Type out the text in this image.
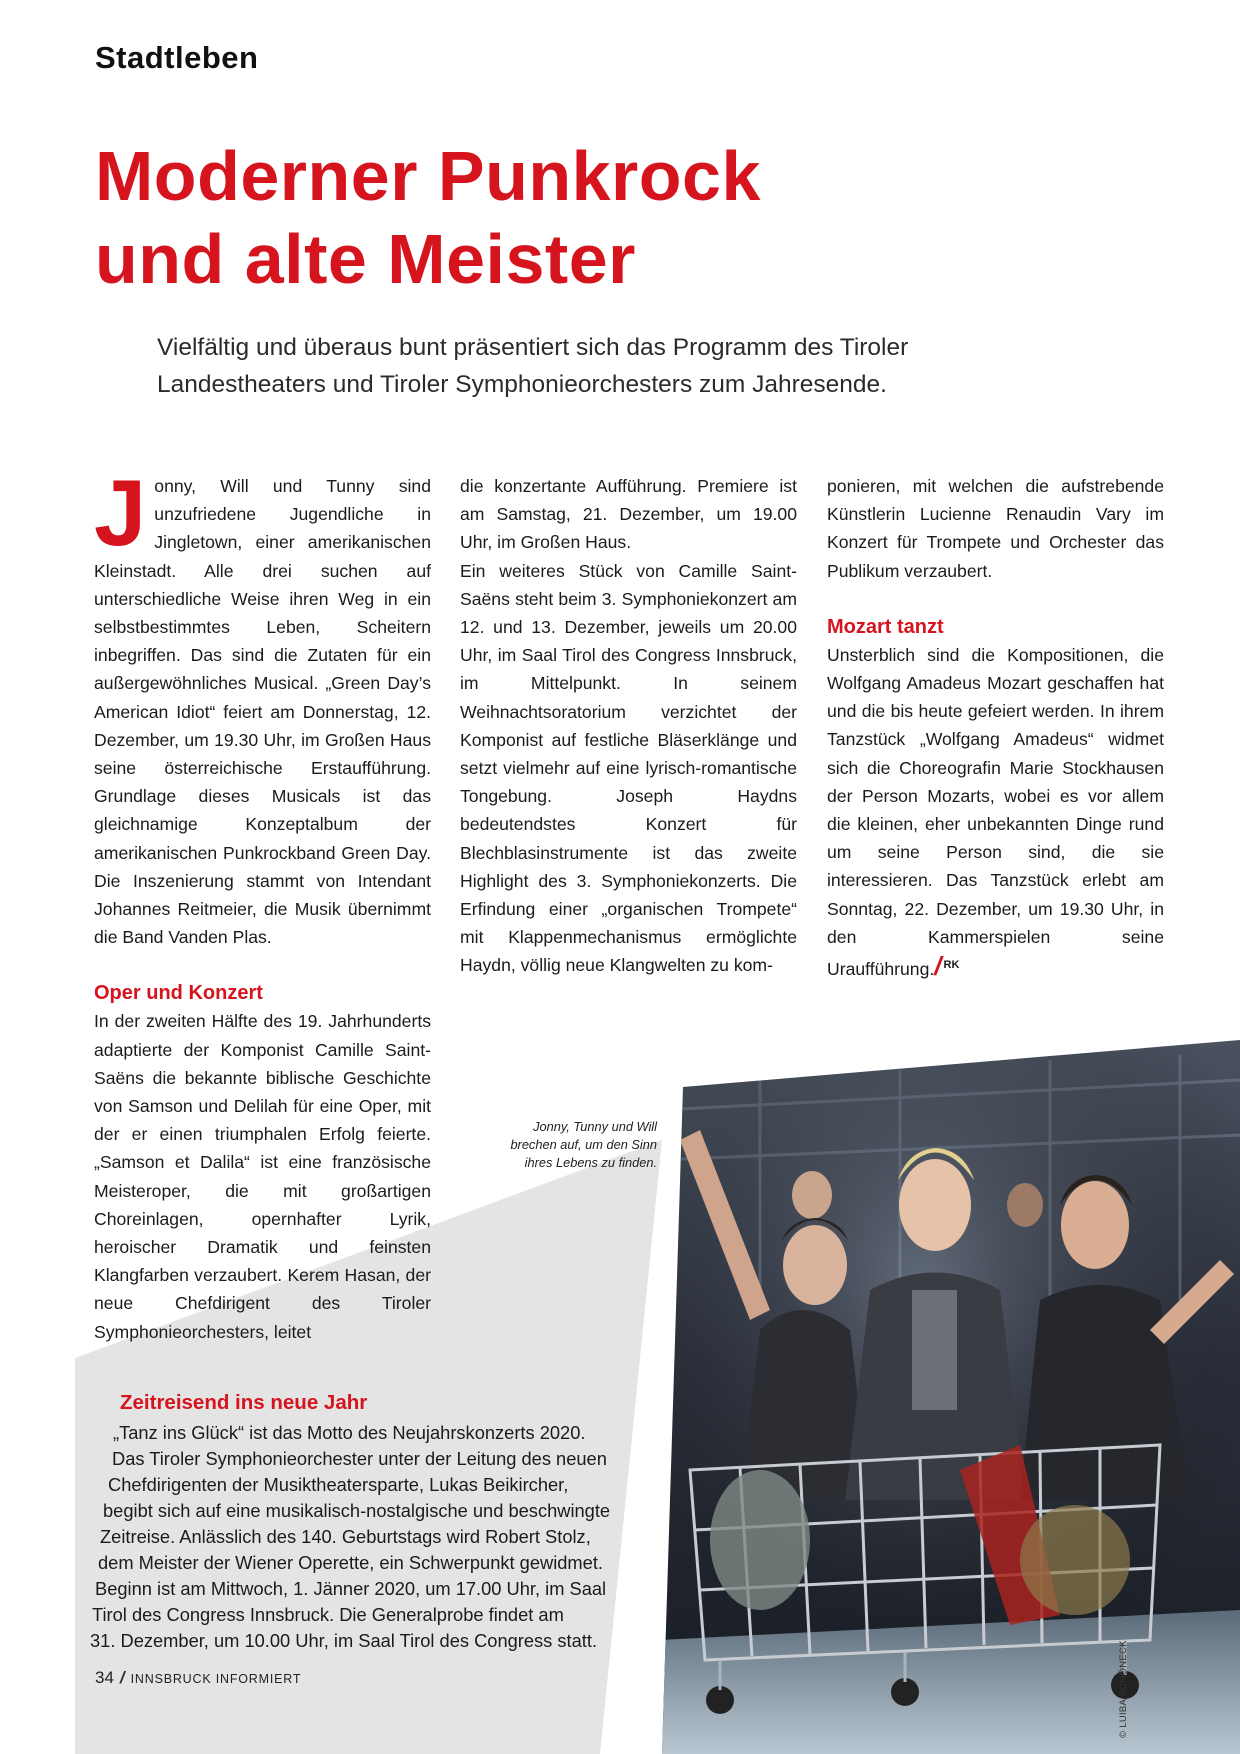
Stadtleben
Moderner Punkrock
und alte Meister

Vielfältig und überaus bunt präsentiert sich das Programm des Tiroler Landestheaters und Tiroler Symphonieorchesters zum Jahresende.

Jonny, Will und Tunny sind unzufriedene Jugendliche in Jingletown, einer amerikanischen Kleinstadt. Alle drei suchen auf unterschiedliche Weise ihren Weg in ein selbstbestimmtes Leben, Scheitern inbegriffen. Das sind die Zutaten für ein außergewöhnliches Musical. „Green Day’s American Idiot“ feiert am Donnerstag, 12. Dezember, um 19.30 Uhr, im Großen Haus seine österreichische Erstaufführung. Grundlage dieses Musicals ist das gleichnamige Konzeptalbum der amerikanischen Punkrockband Green Day. Die Inszenierung stammt von Intendant Johannes Reitmeier, die Musik übernimmt die Band Vanden Plas.

Oper und Konzert

In der zweiten Hälfte des 19. Jahrhunderts adaptierte der Komponist Camille Saint-Saëns die bekannte biblische Geschichte von Samson und Delilah für eine Oper, mit der er einen triumphalen Erfolg feierte. „Samson et Dalila“ ist eine französische Meisteroper, die mit großartigen Choreinlagen, opernhafter Lyrik, heroischer Dramatik und feinsten Klangfarben verzaubert. Kerem Hasan, der neue Chefdirigent des Tiroler Symphonieorchesters, leitet

die konzertante Aufführung. Premiere ist am Samstag, 21. Dezember, um 19.00 Uhr, im Großen Haus.

Ein weiteres Stück von Camille Saint-Saëns steht beim 3. Symphoniekonzert am 12. und 13. Dezember, jeweils um 20.00 Uhr, im Saal Tirol des Congress Innsbruck, im Mittelpunkt. In seinem Weihnachtsoratorium verzichtet der Komponist auf festliche Bläserklänge und setzt vielmehr auf eine lyrisch-romantische Tongebung. Joseph Haydns bedeutendstes Konzert für Blechblasinstrumente ist das zweite Highlight des 3. Symphoniekonzerts. Die Erfindung einer „organischen Trompete“ mit Klappenmechanismus ermöglichte Haydn, völlig neue Klangwelten zu kom-

ponieren, mit welchen die aufstrebende Künstlerin Lucienne Renaudin Vary im Konzert für Trompete und Orchester das Publikum verzaubert.

Mozart tanzt

Unsterblich sind die Kompositionen, die Wolfgang Amadeus Mozart geschaffen hat und die bis heute gefeiert werden. In ihrem Tanzstück „Wolfgang Amadeus“ widmet sich die Choreografin Marie Stockhausen der Person Mozarts, wobei es vor allem die kleinen, eher unbekannten Dinge rund um seine Person sind, die sie interessieren. Das Tanzstück erlebt am Sonntag, 22. Dezember, um 19.30 Uhr, in den Kammerspielen seine Uraufführung./ $^{RK}$

Jonny, Tunny und Will
brechen auf, um den Sinn
ihres Lebens zu finden.
© LUIBA SCHÖNECK
Zeitreisend ins neue Jahr
„Tanz ins Glück“ ist das Motto des Neujahrskonzerts 2020.
Das Tiroler Symphonieorchester unter der Leitung des neuen
Chefdirigenten der Musiktheatersparte, Lukas Beikircher,
begibt sich auf eine musikalisch-nostalgische und beschwingte
Zeitreise. Anlässlich des 140. Geburtstags wird Robert Stolz,
dem Meister der Wiener Operette, ein Schwerpunkt gewidmet.
Beginn ist am Mittwoch, 1. Jänner 2020, um 17.00 Uhr, im Saal
Tirol des Congress Innsbruck. Die Generalprobe findet am
31. Dezember, um 10.00 Uhr, im Saal Tirol des Congress statt.
34 / INNSBRUCK INFORMIERT
